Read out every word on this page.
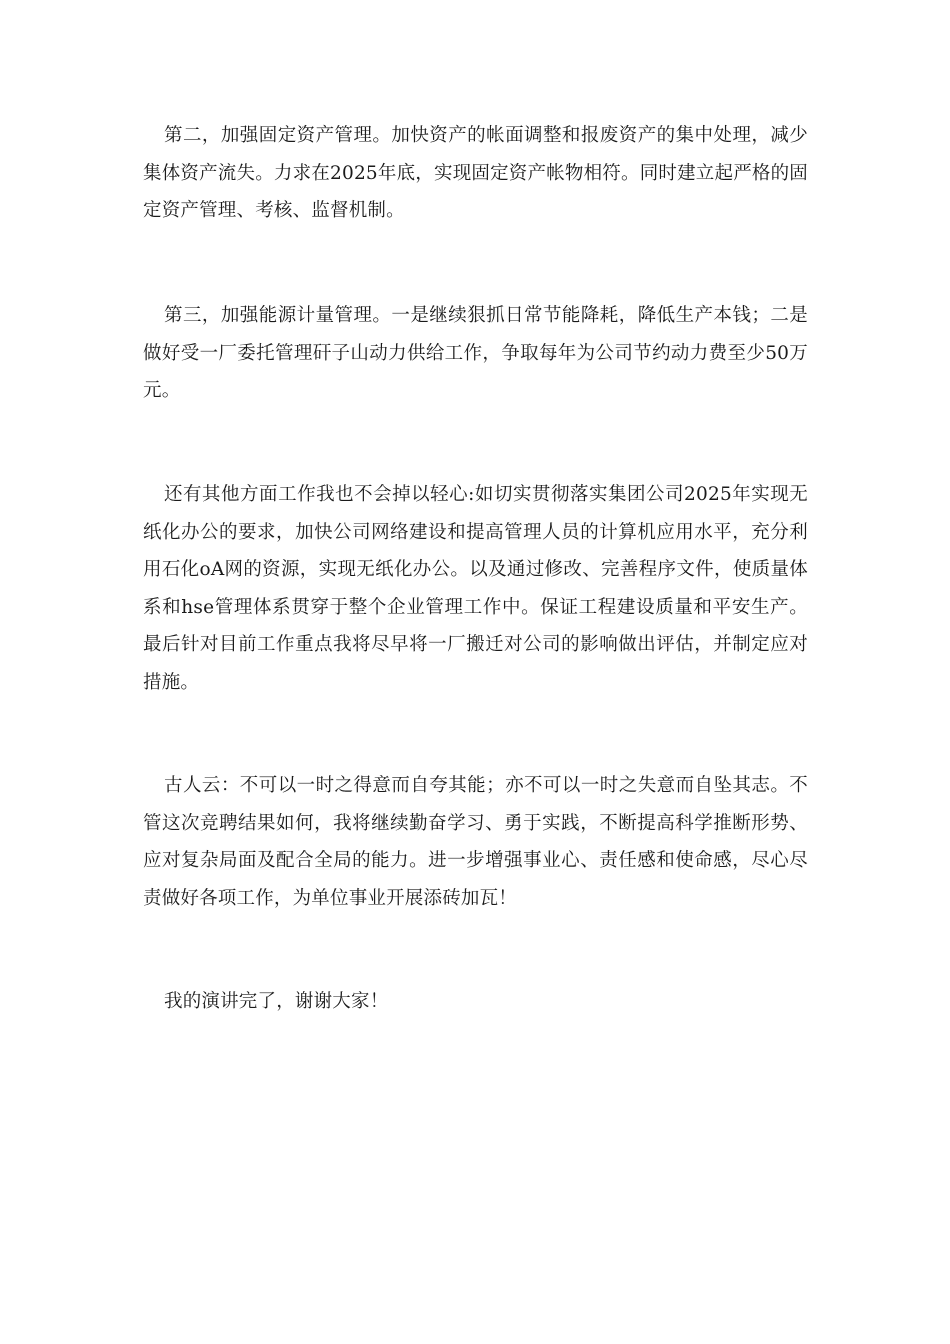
第二，加强固定资产管理。加快资产的帐面调整和报废资产的集中处理，减少集体资产流失。力求在2025年底，实现固定资产帐物相符。同时建立起严格的固定资产管理、考核、监督机制。

第三，加强能源计量管理。一是继续狠抓日常节能降耗，降低生产本钱；二是做好受一厂委托管理矸子山动力供给工作，争取每年为公司节约动力费至少50万元。

还有其他方面工作我也不会掉以轻心:如切实贯彻落实集团公司2025年实现无纸化办公的要求，加快公司网络建设和提高管理人员的计算机应用水平，充分利用石化oA网的资源，实现无纸化办公。以及通过修改、完善程序文件，使质量体系和hse管理体系贯穿于整个企业管理工作中。保证工程建设质量和平安生产。最后针对目前工作重点我将尽早将一厂搬迁对公司的影响做出评估，并制定应对措施。

古人云：不可以一时之得意而自夸其能；亦不可以一时之失意而自坠其志。不管这次竞聘结果如何，我将继续勤奋学习、勇于实践，不断提高科学推断形势、应对复杂局面及配合全局的能力。进一步增强事业心、责任感和使命感，尽心尽责做好各项工作，为单位事业开展添砖加瓦！

我的演讲完了，谢谢大家！
